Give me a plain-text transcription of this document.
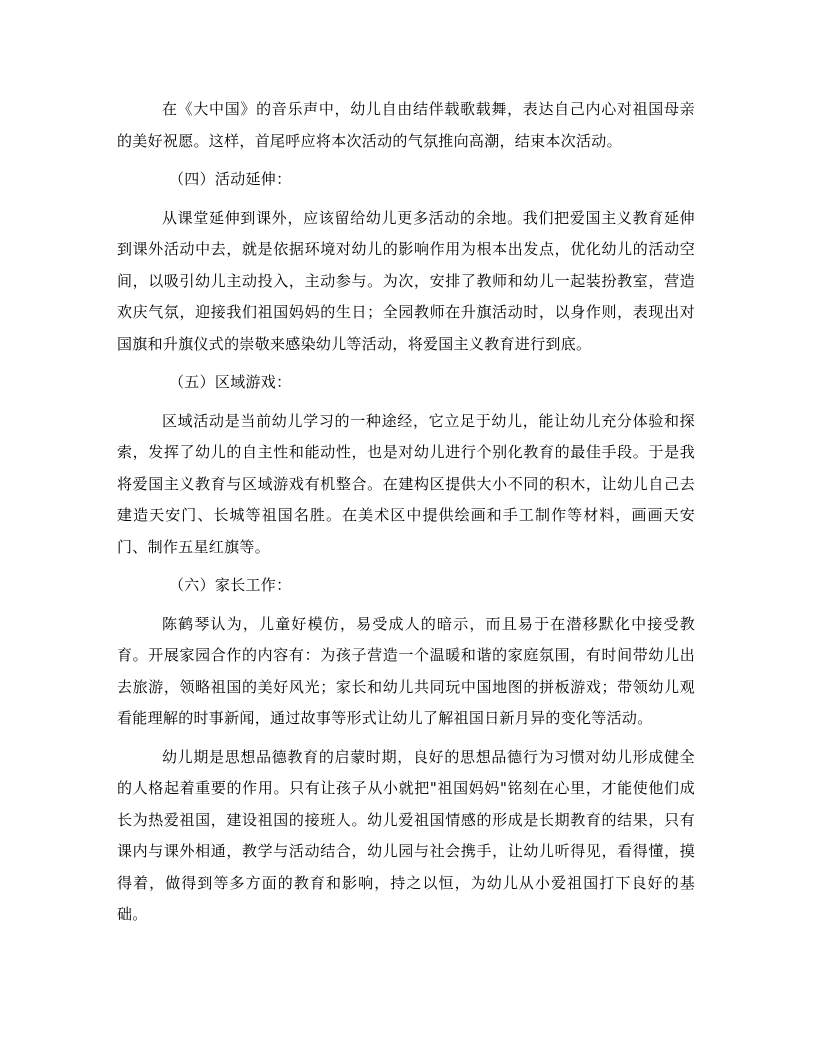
在《大中国》的音乐声中，幼儿自由结伴载歌载舞，表达自己内心对祖国母亲的美好祝愿。这样，首尾呼应将本次活动的气氛推向高潮，结束本次活动。

（四）活动延伸：

从课堂延伸到课外，应该留给幼儿更多活动的余地。我们把爱国主义教育延伸到课外活动中去，就是依据环境对幼儿的影响作用为根本出发点，优化幼儿的活动空间，以吸引幼儿主动投入，主动参与。为次，安排了教师和幼儿一起装扮教室，营造欢庆气氛，迎接我们祖国妈妈的生日；全园教师在升旗活动时，以身作则，表现出对国旗和升旗仪式的崇敬来感染幼儿等活动，将爱国主义教育进行到底。

（五）区域游戏：

区域活动是当前幼儿学习的一种途经，它立足于幼儿，能让幼儿充分体验和探索，发挥了幼儿的自主性和能动性，也是对幼儿进行个别化教育的最佳手段。于是我将爱国主义教育与区域游戏有机整合。在建构区提供大小不同的积木，让幼儿自己去建造天安门、长城等祖国名胜。在美术区中提供绘画和手工制作等材料，画画天安门、制作五星红旗等。

（六）家长工作：

陈鹤琴认为，儿童好模仿，易受成人的暗示，而且易于在潜移默化中接受教育。开展家园合作的内容有：为孩子营造一个温暖和谐的家庭氛围，有时间带幼儿出去旅游，领略祖国的美好风光；家长和幼儿共同玩中国地图的拼板游戏；带领幼儿观看能理解的时事新闻，通过故事等形式让幼儿了解祖国日新月异的变化等活动。

幼儿期是思想品德教育的启蒙时期，良好的思想品德行为习惯对幼儿形成健全的人格起着重要的作用。只有让孩子从小就把"祖国妈妈"铭刻在心里，才能使他们成长为热爱祖国，建设祖国的接班人。幼儿爱祖国情感的形成是长期教育的结果，只有课内与课外相通，教学与活动结合，幼儿园与社会携手，让幼儿听得见，看得懂，摸得着，做得到等多方面的教育和影响，持之以恒，为幼儿从小爱祖国打下良好的基础。
